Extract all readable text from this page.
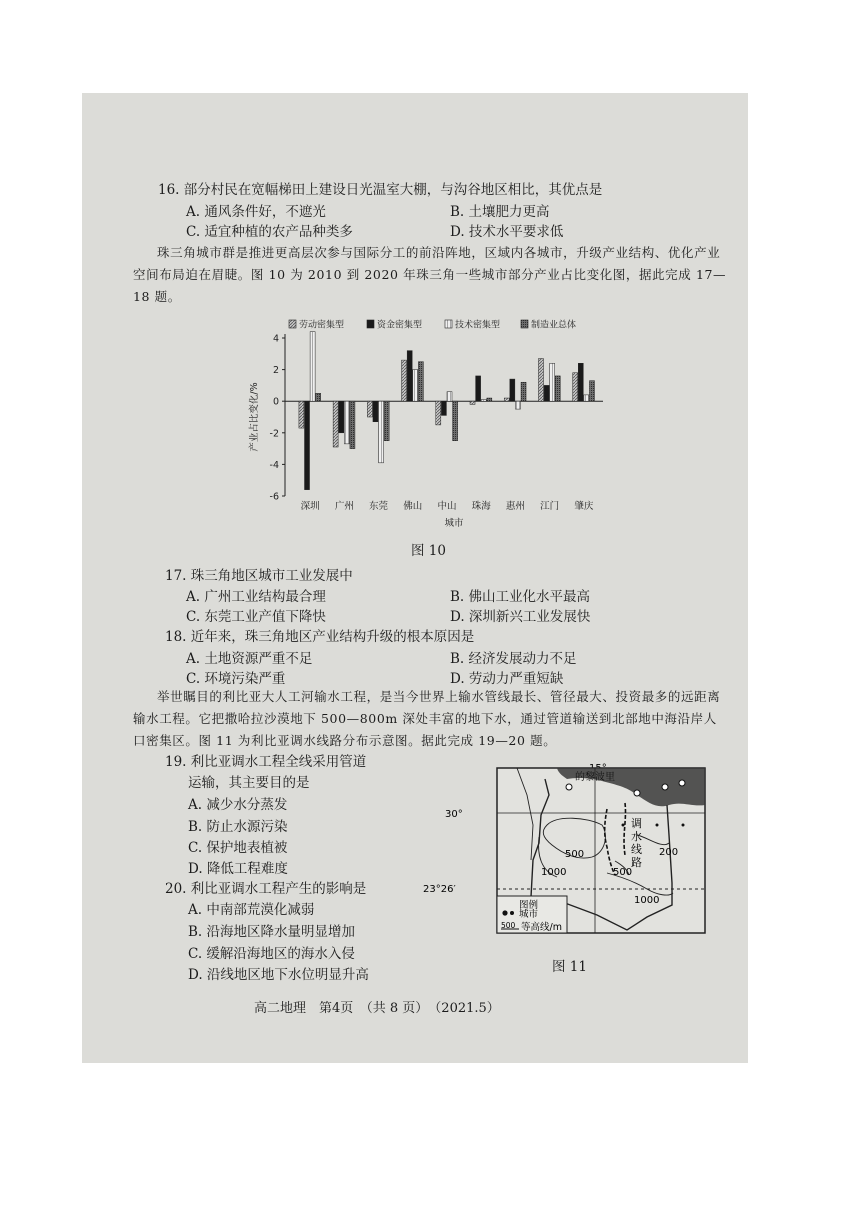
16. 部分村民在宽幅梯田上建设日光温室大棚，与沟谷地区相比，其优点是
A. 通风条件好，不遮光	B. 土壤肥力更高
C. 适宜种植的农产品种类多	D. 技术水平要求低
珠三角城市群是推进更高层次参与国际分工的前沿阵地，区域内各城市，升级产业结构、优化产业空间布局迫在眉睫。图 10 为 2010 到 2020 年珠三角一些城市部分产业占比变化图，据此完成 17—18 题。
4
2
0
-2
-4
-6
产业占比变化/%
深圳 广州 东莞 佛山 中山 珠海 惠州 江门 肇庆
城市
劳动密集型	资金密集型	技术密集型	制造业总体
图 10
17. 珠三角地区城市工业发展中
A. 广州工业结构最合理	B. 佛山工业化水平最高
C. 东莞工业产值下降快	D. 深圳新兴工业发展快
18. 近年来，珠三角地区产业结构升级的根本原因是
A. 土地资源严重不足	B. 经济发展动力不足
C. 环境污染严重	D. 劳动力严重短缺
举世瞩目的利比亚大人工河输水工程，是当今世界上输水管线最长、管径最大、投资最多的远距离输水工程。它把撒哈拉沙漠地下 500—800m 深处丰富的地下水，通过管道输送到北部地中海沿岸人口密集区。图 11 为利比亚调水线路分布示意图。据此完成 19—20 题。
19. 利比亚调水工程全线采用管道
运输，其主要目的是
A. 减少水分蒸发
B. 防止水源污染
C. 保护地表植被
D. 降低工程难度
20. 利比亚调水工程产生的影响是
A. 中南部荒漠化减弱
B. 沿海地区降水量明显增加
C. 缓解沿海地区的海水入侵
D. 沿线地区地下水位明显升高
30°
23°26′
的黎波里
调
水
线
路
500
1000
200
500
1000
图例
城市
500 等高线/m
图 11
高二地理　第4页　（共 8 页）　（2021.5）
